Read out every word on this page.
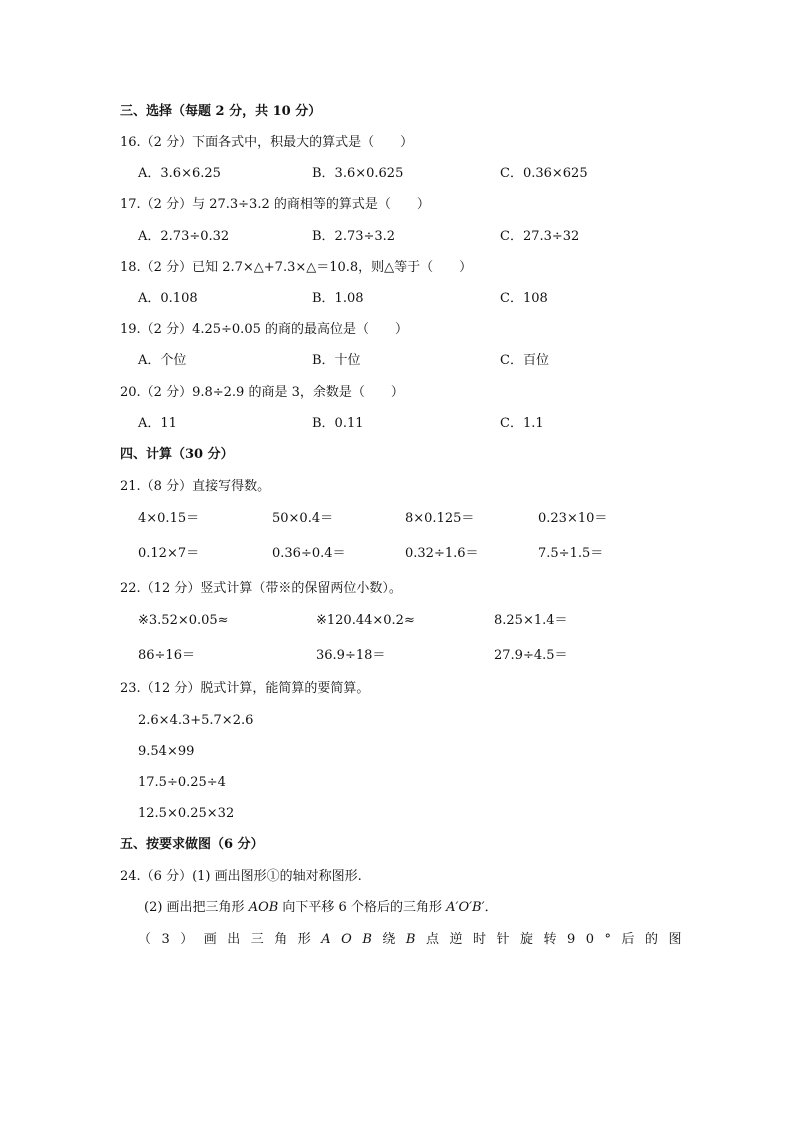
三、选择（每题 2 分，共 10 分）
16.（2 分）下面各式中，积最大的算式是（　　）
A．3.6×6.25	B．3.6×0.625	C．0.36×625
17.（2 分）与 27.3÷3.2 的商相等的算式是（　　）
A．2.73÷0.32	B．2.73÷3.2	C．27.3÷32
18.（2 分）已知 2.7×△+7.3×△＝10.8，则△等于（　　）
A．0.108	B．1.08	C．108
19.（2 分）4.25÷0.05 的商的最高位是（　　）
A．个位	B．十位	C．百位
20.（2 分）9.8÷2.9 的商是 3，余数是（　　）
A．11	B．0.11	C．1.1
四、计算（30 分）
21.（8 分）直接写得数。
4×0.15＝	50×0.4＝	8×0.125＝	0.23×10＝
0.12×7＝	0.36÷0.4＝	0.32÷1.6＝	7.5÷1.5＝
22.（12 分）竖式计算（带※的保留两位小数）。
※3.52×0.05≈	※120.44×0.2≈	8.25×1.4＝
86÷16＝	36.9÷18＝	27.9÷4.5＝
23.（12 分）脱式计算，能简算的要简算。
2.6×4.3+5.7×2.6
9.54×99
17.5÷0.25÷4
12.5×0.25×32
五、按要求做图（6 分）
24.（6 分）(1) 画出图形①的轴对称图形.
(2) 画出把三角形 AOB 向下平移 6 个格后的三角形 A′O′B′．
（3）画出三角形AOB绕B点逆时针旋转90°后的图
